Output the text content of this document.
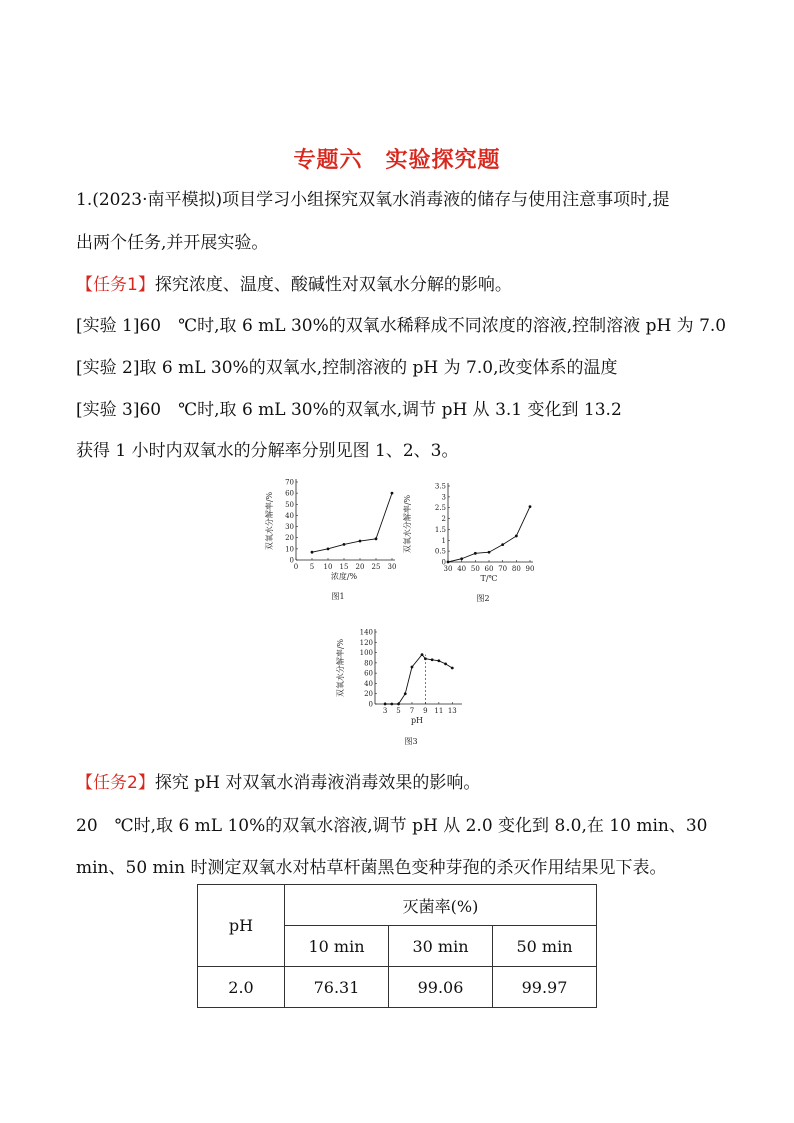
专题六　实验探究题
1.(2023·南平模拟)项目学习小组探究双氧水消毒液的储存与使用注意事项时,提
出两个任务,并开展实验。
【任务1】探究浓度、温度、酸碱性对双氧水分解的影响。
[实验 1]60　℃时,取 6 mL 30%的双氧水稀释成不同浓度的溶液,控制溶液 pH 为 7.0
[实验 2]取 6 mL 30%的双氧水,控制溶液的 pH 为 7.0,改变体系的温度
[实验 3]60　℃时,取 6 mL 30%的双氧水,调节 pH 从 3.1 变化到 13.2
获得 1 小时内双氧水的分解率分别见图 1、2、3。
0
10
20
30
40
50
60
70
0 5 10 15 20 25 30
浓度/%
双氧水分解率/%
图1
0
0.5
1
1.5
2
2.5
3
3.5
30 40 50 60 70 80 90
T/℃
双氧水分解率/%
图2
0
20
40
60
80
100
120
140
3 5 7 9 11 13
pH
双氧水分解率/%
图3
【任务2】探究 pH 对双氧水消毒液消毒效果的影响。
20　℃时,取 6 mL 10%的双氧水溶液,调节 pH 从 2.0 变化到 8.0,在 10 min、30
min、50 min 时测定双氧水对枯草杆菌黑色变种芽孢的杀灭作用结果见下表。
pH	灭菌率(%)		
	10 min	30 min	50 min
2.0	76.31	99.06	99.97
